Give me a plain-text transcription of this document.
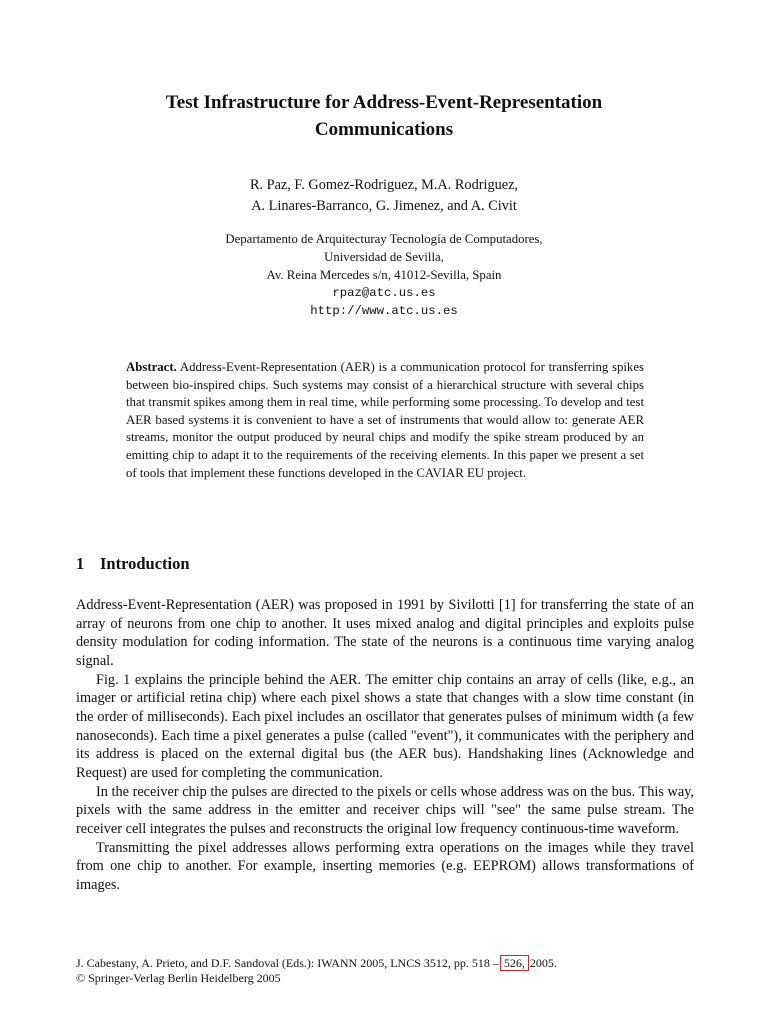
Test Infrastructure for Address-Event-Representation
Communications
R. Paz, F. Gomez-Rodriguez, M.A. Rodriguez,
A. Linares-Barranco, G. Jimenez, and A. Civit
Departamento de Arquitecturay Tecnología de Computadores,
Universidad de Sevilla,
Av. Reina Mercedes s/n, 41012-Sevilla, Spain
rpaz@atc.us.es
http://www.atc.us.es
Abstract. Address-Event-Representation (AER) is a communication protocol for transferring spikes between bio-inspired chips. Such systems may consist of a hierarchical structure with several chips that transmit spikes among them in real time, while performing some processing. To develop and test AER based systems it is convenient to have a set of instruments that would allow to: generate AER streams, monitor the output produced by neural chips and modify the spike stream produced by an emitting chip to adapt it to the requirements of the receiving elements. In this paper we present a set of tools that implement these functions developed in the CAVIAR EU project.
1 Introduction

Address-Event-Representation (AER) was proposed in 1991 by Sivilotti [1] for transferring the state of an array of neurons from one chip to another. It uses mixed analog and digital principles and exploits pulse density modulation for coding information. The state of the neurons is a continuous time varying analog signal.

Fig. 1 explains the principle behind the AER. The emitter chip contains an array of cells (like, e.g., an imager or artificial retina chip) where each pixel shows a state that changes with a slow time constant (in the order of milliseconds). Each pixel includes an oscillator that generates pulses of minimum width (a few nanoseconds). Each time a pixel generates a pulse (called "event"), it communicates with the periphery and its address is placed on the external digital bus (the AER bus). Handshaking lines (Acknowledge and Request) are used for completing the communication.

In the receiver chip the pulses are directed to the pixels or cells whose address was on the bus. This way, pixels with the same address in the emitter and receiver chips will "see" the same pulse stream. The receiver cell integrates the pulses and reconstructs the original low frequency continuous-time waveform.

Transmitting the pixel addresses allows performing extra operations on the images while they travel from one chip to another. For example, inserting memories (e.g. EEPROM) allows transformations of images.

J. Cabestany, A. Prieto, and D.F. Sandoval (Eds.): IWANN 2005, LNCS 3512, pp. 518 – 526, 2005.
© Springer-Verlag Berlin Heidelberg 2005
